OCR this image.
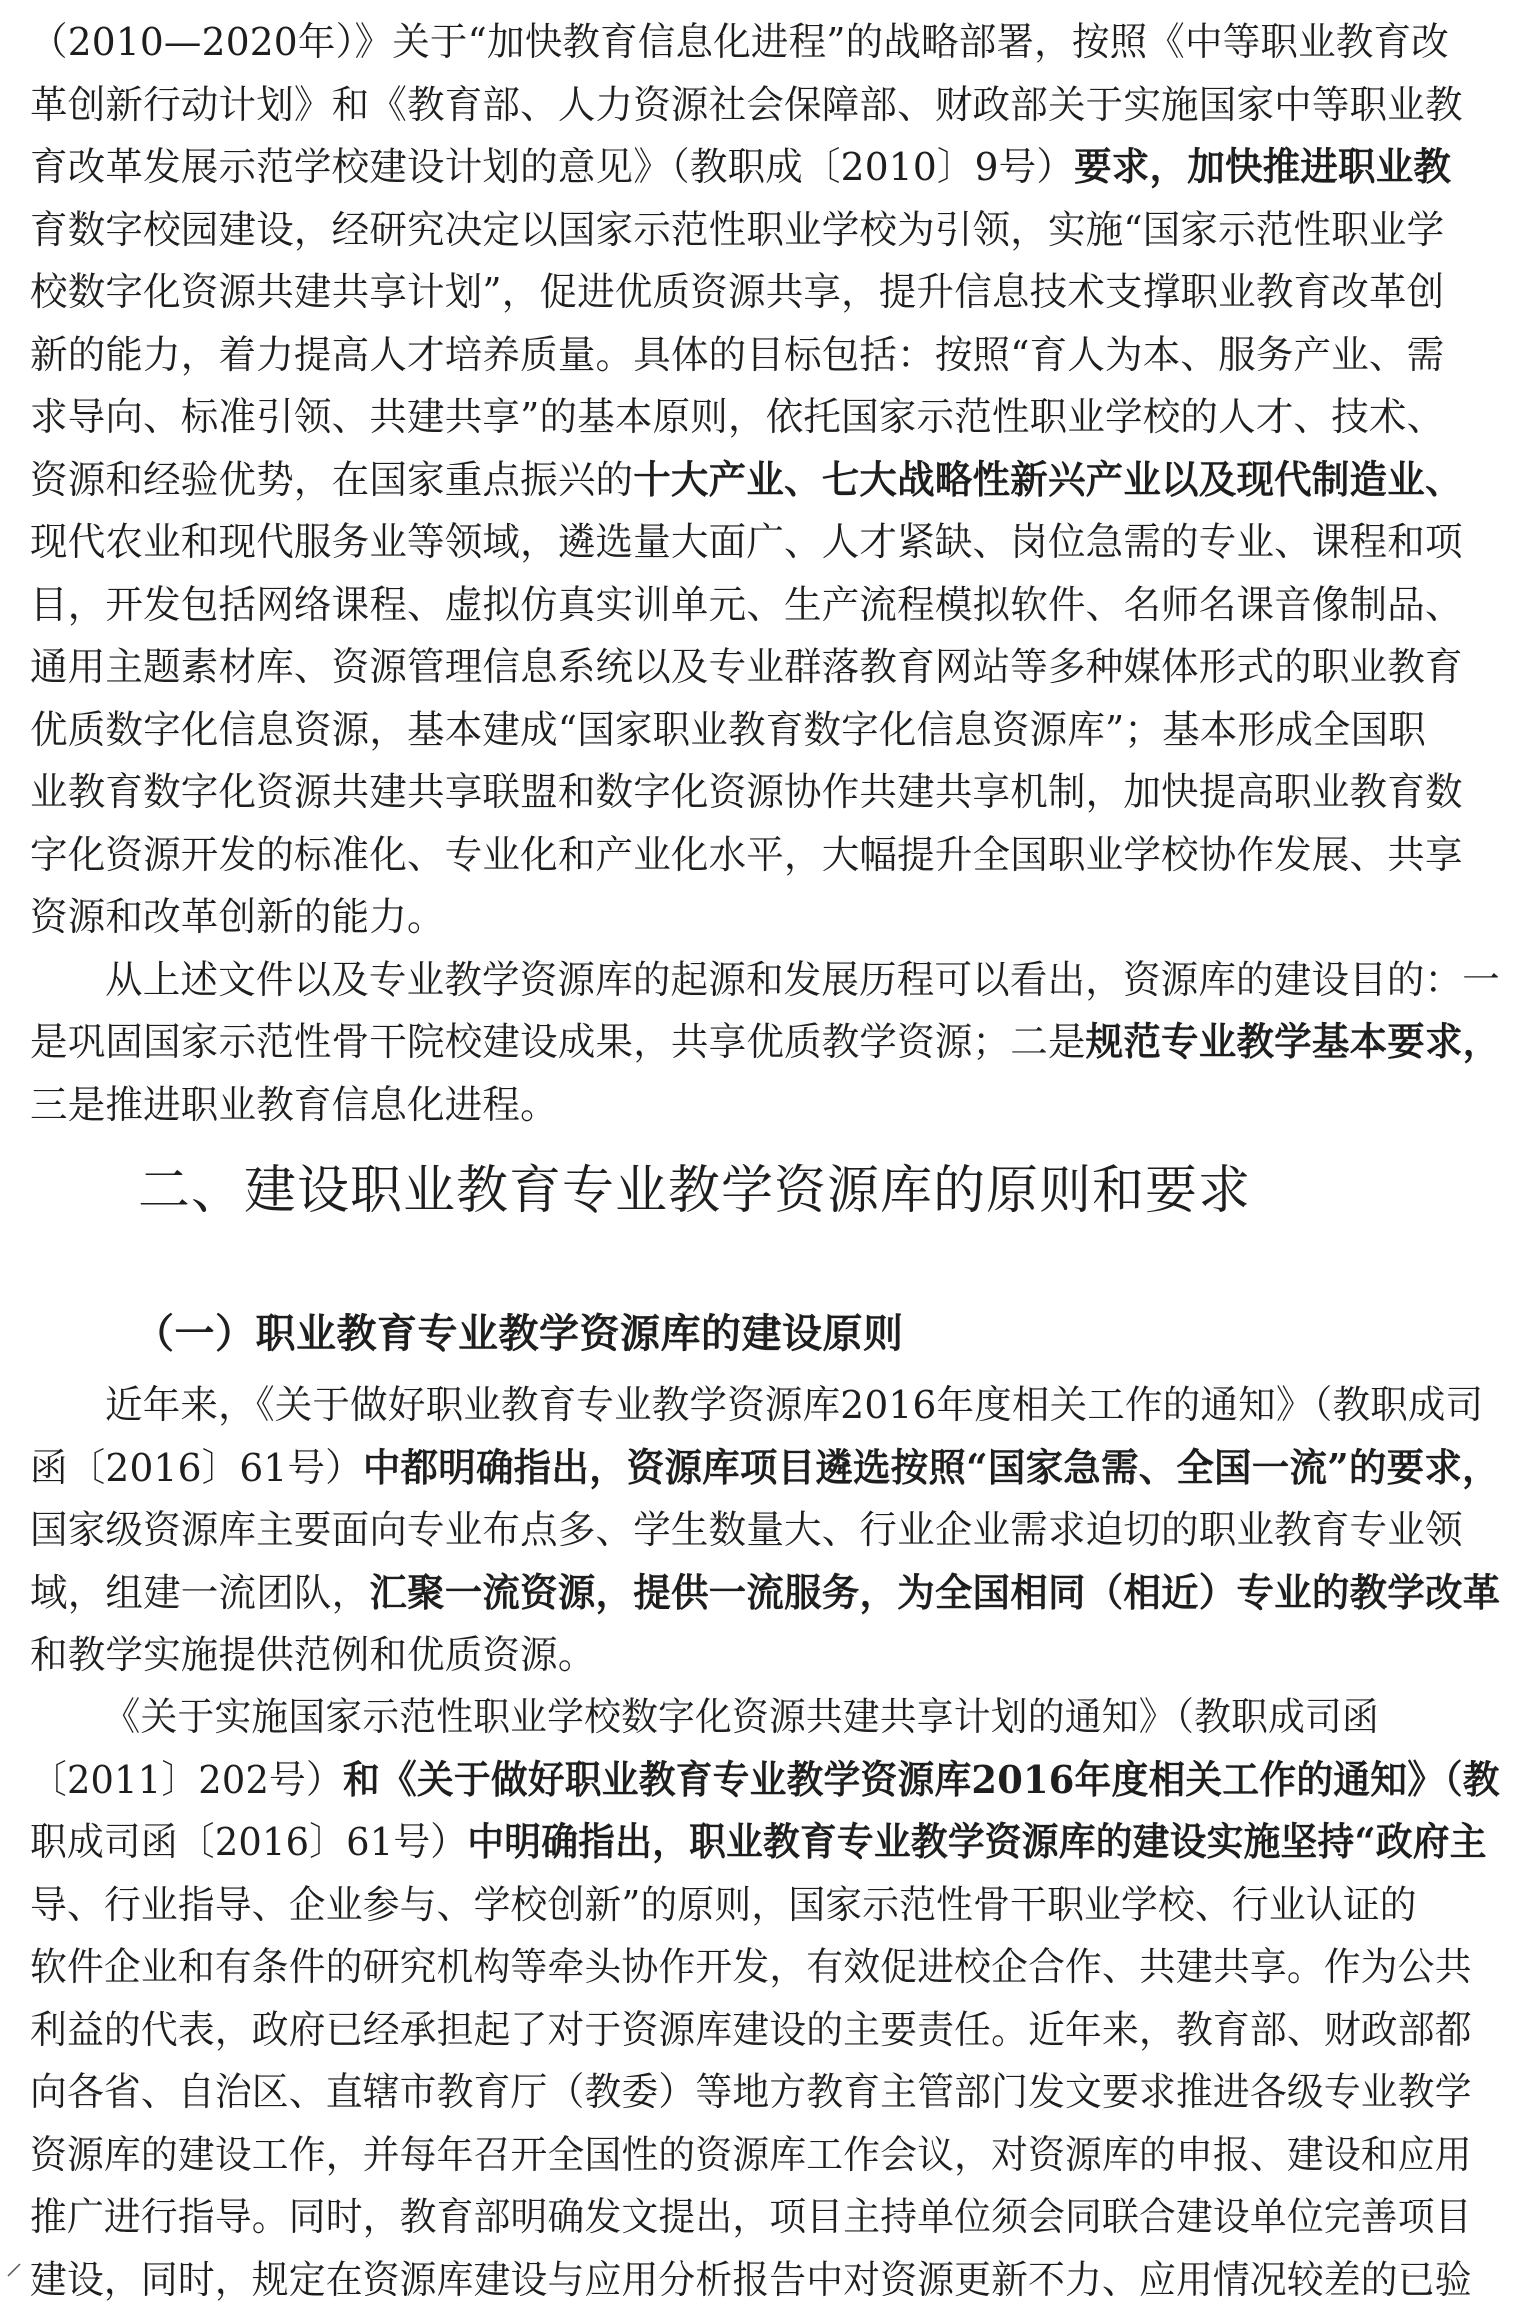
（2010—2020年）》关于“加快教育信息化进程”的战略部署，按照《中等职业教育改

革创新行动计划》和《教育部、人力资源社会保障部、财政部关于实施国家中等职业教

育改革发展示范学校建设计划的意见》（教职成〔2010〕9号）要求，加快推进职业教

育数字校园建设，经研究决定以国家示范性职业学校为引领，实施“国家示范性职业学

校数字化资源共建共享计划”，促进优质资源共享，提升信息技术支撑职业教育改革创

新的能力，着力提高人才培养质量。具体的目标包括：按照“育人为本、服务产业、需

求导向、标准引领、共建共享”的基本原则，依托国家示范性职业学校的人才、技术、

资源和经验优势，在国家重点振兴的十大产业、七大战略性新兴产业以及现代制造业、

现代农业和现代服务业等领域，遴选量大面广、人才紧缺、岗位急需的专业、课程和项

目，开发包括网络课程、虚拟仿真实训单元、生产流程模拟软件、名师名课音像制品、

通用主题素材库、资源管理信息系统以及专业群落教育网站等多种媒体形式的职业教育

优质数字化信息资源，基本建成“国家职业教育数字化信息资源库”；基本形成全国职

业教育数字化资源共建共享联盟和数字化资源协作共建共享机制，加快提高职业教育数

字化资源开发的标准化、专业化和产业化水平，大幅提升全国职业学校协作发展、共享

资源和改革创新的能力。

从上述文件以及专业教学资源库的起源和发展历程可以看出，资源库的建设目的：一

是巩固国家示范性骨干院校建设成果，共享优质教学资源；二是规范专业教学基本要求，

三是推进职业教育信息化进程。

二、建设职业教育专业教学资源库的原则和要求
（一）职业教育专业教学资源库的建设原则

近年来，《关于做好职业教育专业教学资源库2016年度相关工作的通知》（教职成司

函〔2016〕61号）中都明确指出，资源库项目遴选按照“国家急需、全国一流”的要求，

国家级资源库主要面向专业布点多、学生数量大、行业企业需求迫切的职业教育专业领

域，组建一流团队，汇聚一流资源，提供一流服务，为全国相同（相近）专业的教学改革

和教学实施提供范例和优质资源。

《关于实施国家示范性职业学校数字化资源共建共享计划的通知》（教职成司函

〔2011〕202号）和《关于做好职业教育专业教学资源库2016年度相关工作的通知》（教

职成司函〔2016〕61号）中明确指出，职业教育专业教学资源库的建设实施坚持“政府主

导、行业指导、企业参与、学校创新”的原则，国家示范性骨干职业学校、行业认证的

软件企业和有条件的研究机构等牵头协作开发，有效促进校企合作、共建共享。作为公共

利益的代表，政府已经承担起了对于资源库建设的主要责任。近年来，教育部、财政部都

向各省、自治区、直辖市教育厅（教委）等地方教育主管部门发文要求推进各级专业教学

资源库的建设工作，并每年召开全国性的资源库工作会议，对资源库的申报、建设和应用

推广进行指导。同时，教育部明确发文提出，项目主持单位须会同联合建设单位完善项目

建设，同时，规定在资源库建设与应用分析报告中对资源更新不力、应用情况较差的已验
